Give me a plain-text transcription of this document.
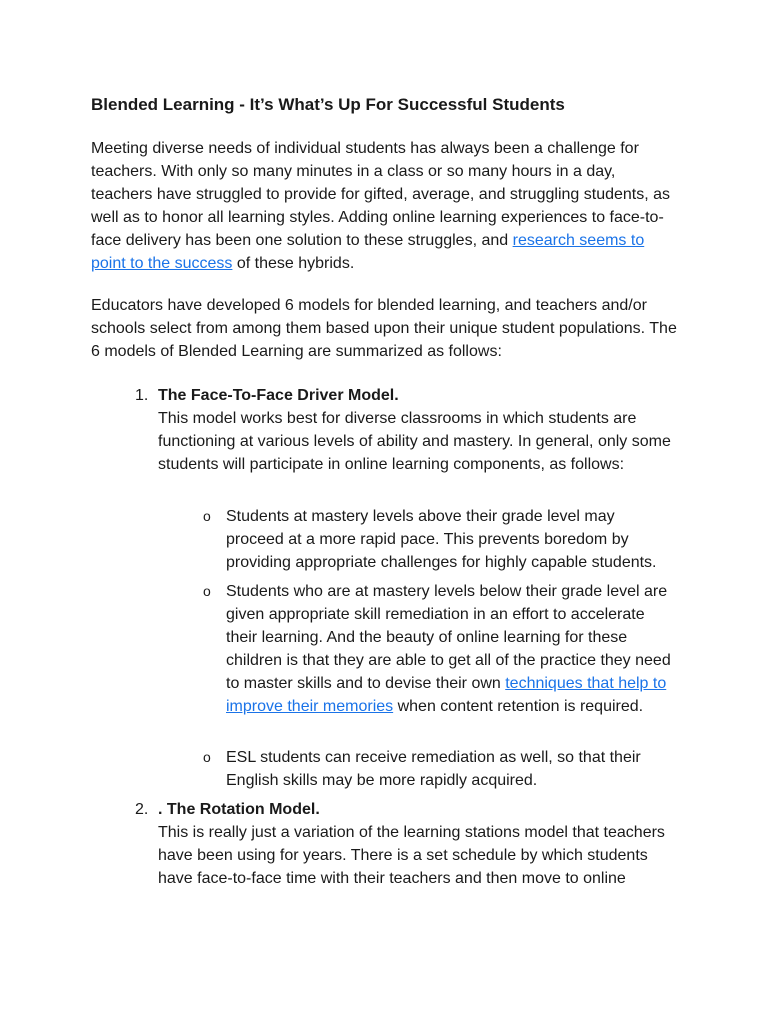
Blended Learning - It’s What’s Up For Successful Students

Meeting diverse needs of individual students has always been a challenge for teachers. With only so many minutes in a class or so many hours in a day, teachers have struggled to provide for gifted, average, and struggling students, as well as to honor all learning styles. Adding online learning experiences to face-to-face delivery has been one solution to these struggles, and research seems to point to the success of these hybrids.

Educators have developed 6 models for blended learning, and teachers and/or schools select from among them based upon their unique student populations. The 6 models of Blended Learning are summarized as follows:

1. The Face-To-Face Driver Model.
This model works best for diverse classrooms in which students are functioning at various levels of ability and mastery. In general, only some students will participate in online learning components, as follows:
o Students at mastery levels above their grade level may proceed at a more rapid pace. This prevents boredom by providing appropriate challenges for highly capable students.

o Students who are at mastery levels below their grade level are given appropriate skill remediation in an effort to accelerate their learning. And the beauty of online learning for these children is that they are able to get all of the practice they need to master skills and to devise their own techniques that help to improve their memories when content retention is required.

o ESL students can receive remediation as well, so that their English skills may be more rapidly acquired.

2. . The Rotation Model.
This is really just a variation of the learning stations model that teachers have been using for years. There is a set schedule by which students have face-to-face time with their teachers and then move to online
